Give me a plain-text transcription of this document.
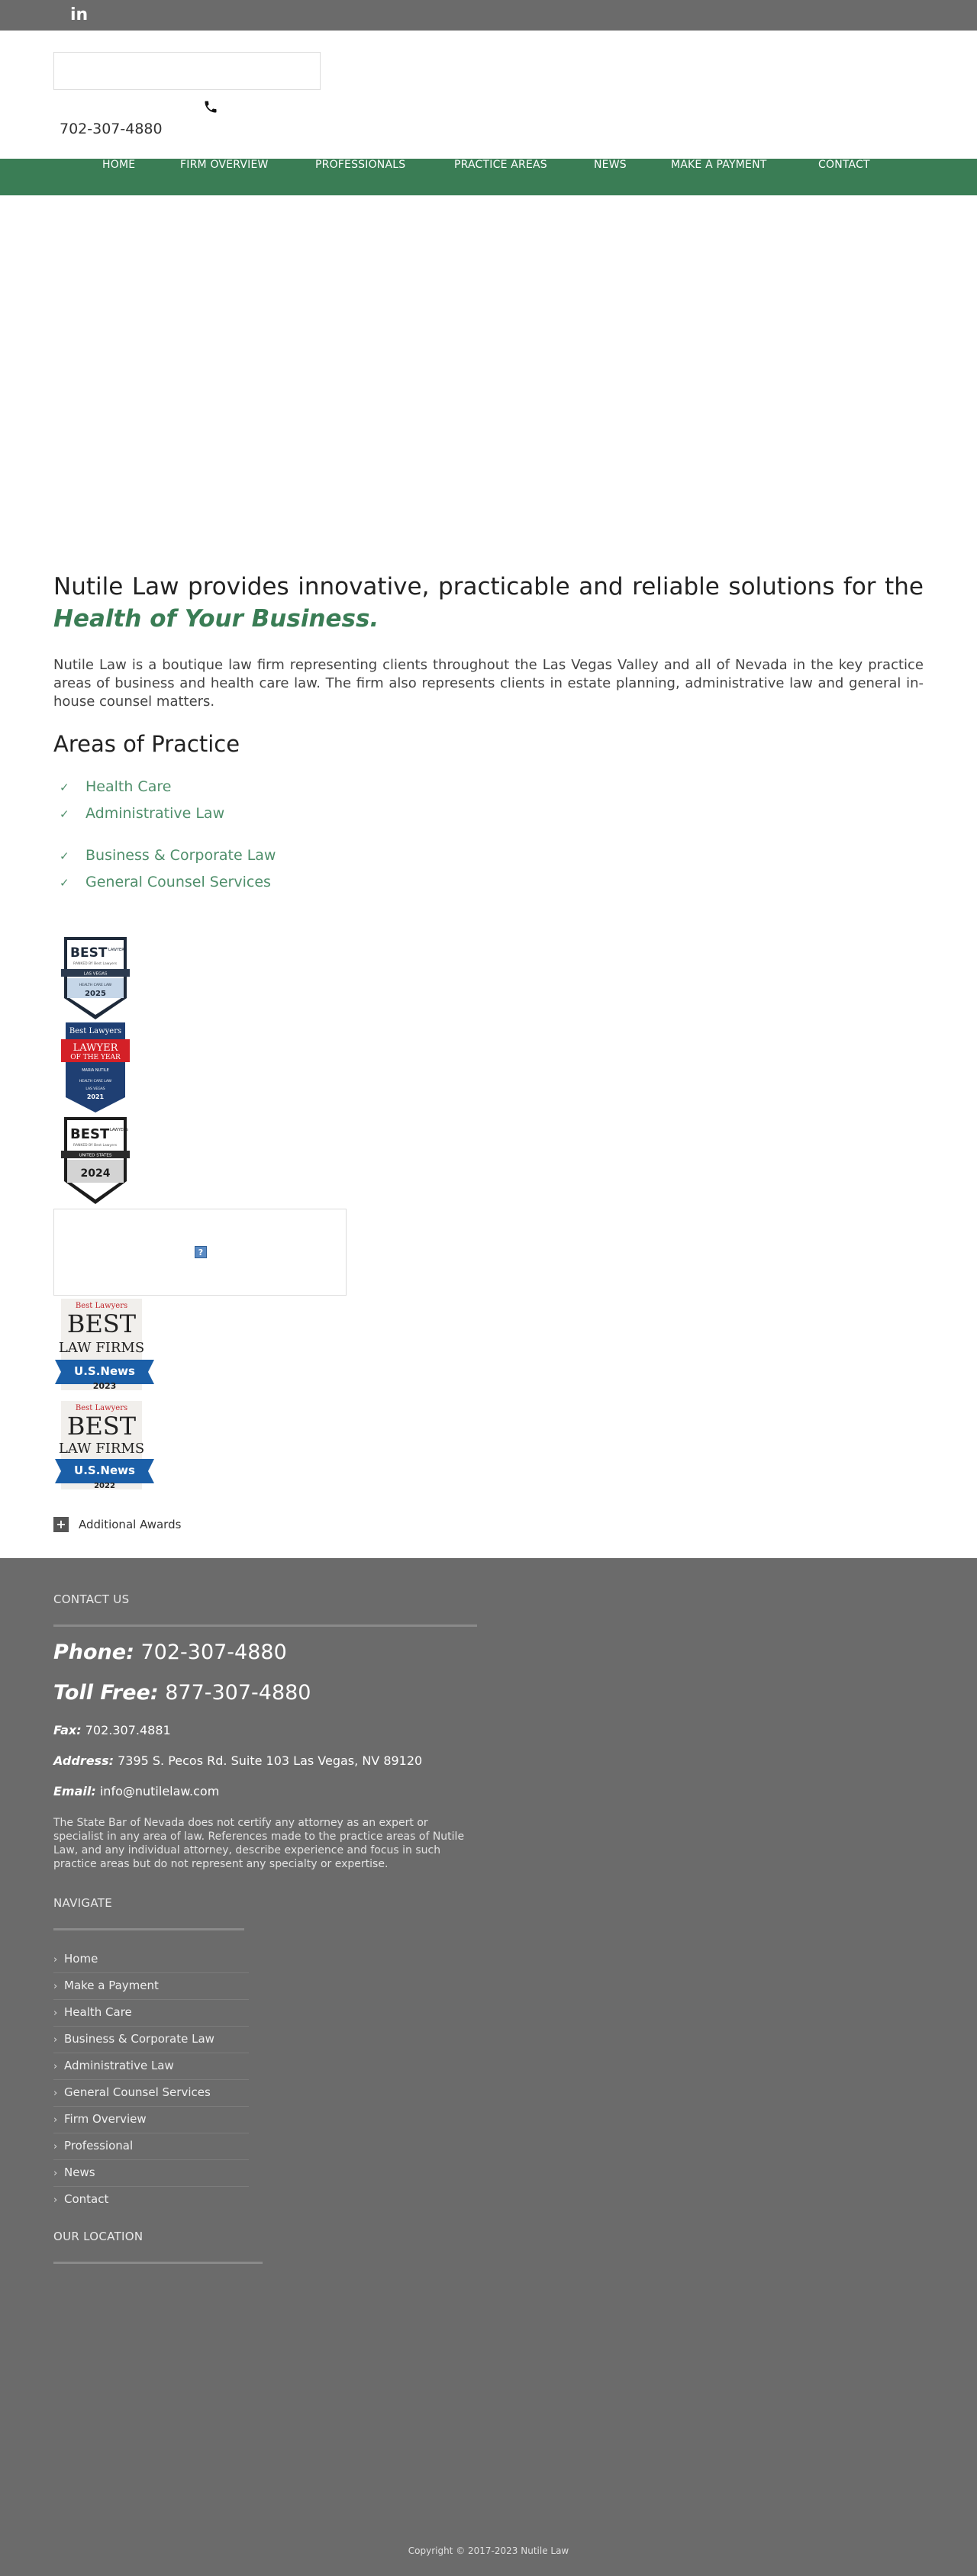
in
702-307-4880
HOME	FIRM OVERVIEW	PROFESSIONALS	PRACTICE AREAS	NEWS	MAKE A PAYMENT	CONTACT
Nutile Law provides innovative, practicable and reliable solutions for the Health of Your Business.
Nutile Law is a boutique law firm representing clients throughout the Las Vegas Valley and all of Nevada in the key practice areas of business and health care law. The firm also represents clients in estate planning, administrative law and general in-house counsel matters.
Areas of Practice
✓ Health Care
✓ Administrative Law
✓ Business & Corporate Law
✓ General Counsel Services
BEST LAWYERS
RANKED BY Best Lawyers
LAS VEGAS
HEALTH CARE LAW
2025
Best Lawyers
LAWYER
OF THE YEAR
MARIA NUTILE
HEALTH CARE LAW
LAS VEGAS
2021
BEST LAWYERS
RANKED BY Best Lawyers
UNITED STATES
2024
?
Best Lawyers
BEST
LAW FIRMS
U.S.News
2023
Best Lawyers
BEST
LAW FIRMS
U.S.News
2022
+ Additional Awards
CONTACT US
Phone: 702-307-4880
Toll Free: 877-307-4880
Fax: 702.307.4881
Address: 7395 S. Pecos Rd. Suite 103 Las Vegas, NV 89120
Email: info@nutilelaw.com
The State Bar of Nevada does not certify any attorney as an expert or specialist in any area of law. References made to the practice areas of Nutile Law, and any individual attorney, describe experience and focus in such practice areas but do not represent any specialty or expertise.
NAVIGATE
› Home
› Make a Payment
› Health Care
› Business & Corporate Law
› Administrative Law
› General Counsel Services
› Firm Overview
› Professional
› News
› Contact
OUR LOCATION
Copyright © 2017-2023 Nutile Law
